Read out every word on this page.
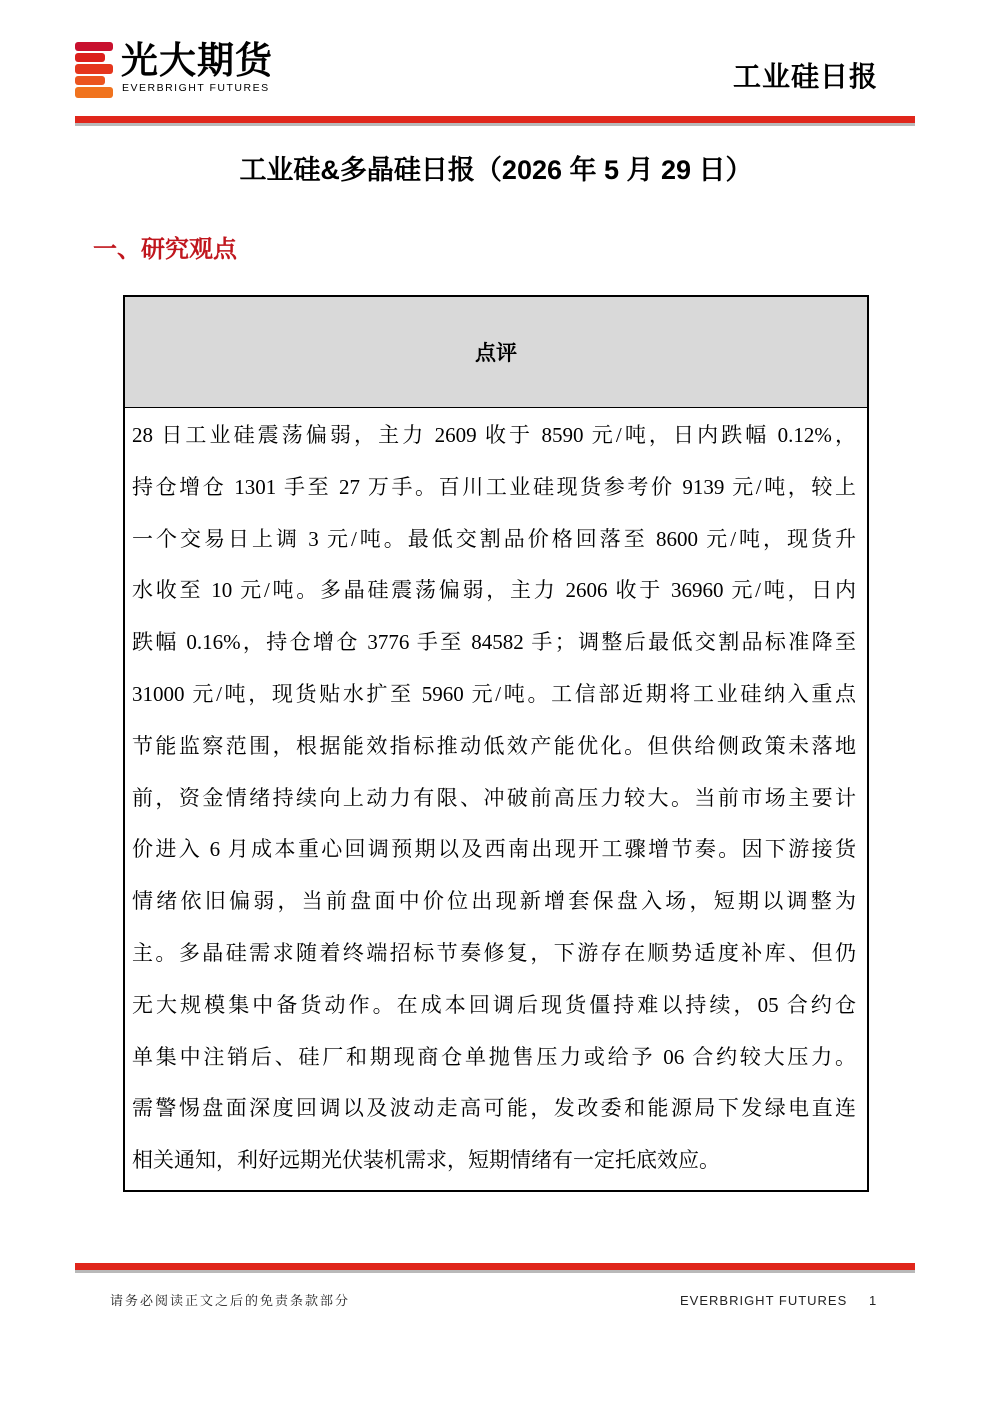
光大期货
EVERBRIGHT FUTURES	工业硅日报
工业硅&多晶硅日报（2026 年 5 月 29 日）
一、研究观点
点评
28 日工业硅震荡偏弱，主力 2609 收于 8590 元/吨，日内跌幅 0.12%，
持仓增仓 1301 手至 27 万手。百川工业硅现货参考价 9139 元/吨，较上
一个交易日上调 3 元/吨。最低交割品价格回落至 8600 元/吨，现货升
水收至 10 元/吨。多晶硅震荡偏弱，主力 2606 收于 36960 元/吨，日内
跌幅 0.16%，持仓增仓 3776 手至 84582 手；调整后最低交割品标准降至
31000 元/吨，现货贴水扩至 5960 元/吨。工信部近期将工业硅纳入重点
节能监察范围，根据能效指标推动低效产能优化。但供给侧政策未落地
前，资金情绪持续向上动力有限、冲破前高压力较大。当前市场主要计
价进入 6 月成本重心回调预期以及西南出现开工骤增节奏。因下游接货
情绪依旧偏弱，当前盘面中价位出现新增套保盘入场，短期以调整为
主。多晶硅需求随着终端招标节奏修复，下游存在顺势适度补库、但仍
无大规模集中备货动作。在成本回调后现货僵持难以持续，05 合约仓
单集中注销后、硅厂和期现商仓单抛售压力或给予 06 合约较大压力。
需警惕盘面深度回调以及波动走高可能，发改委和能源局下发绿电直连
相关通知，利好远期光伏装机需求，短期情绪有一定托底效应。
请务必阅读正文之后的免责条款部分	EVERBRIGHT FUTURES 1
